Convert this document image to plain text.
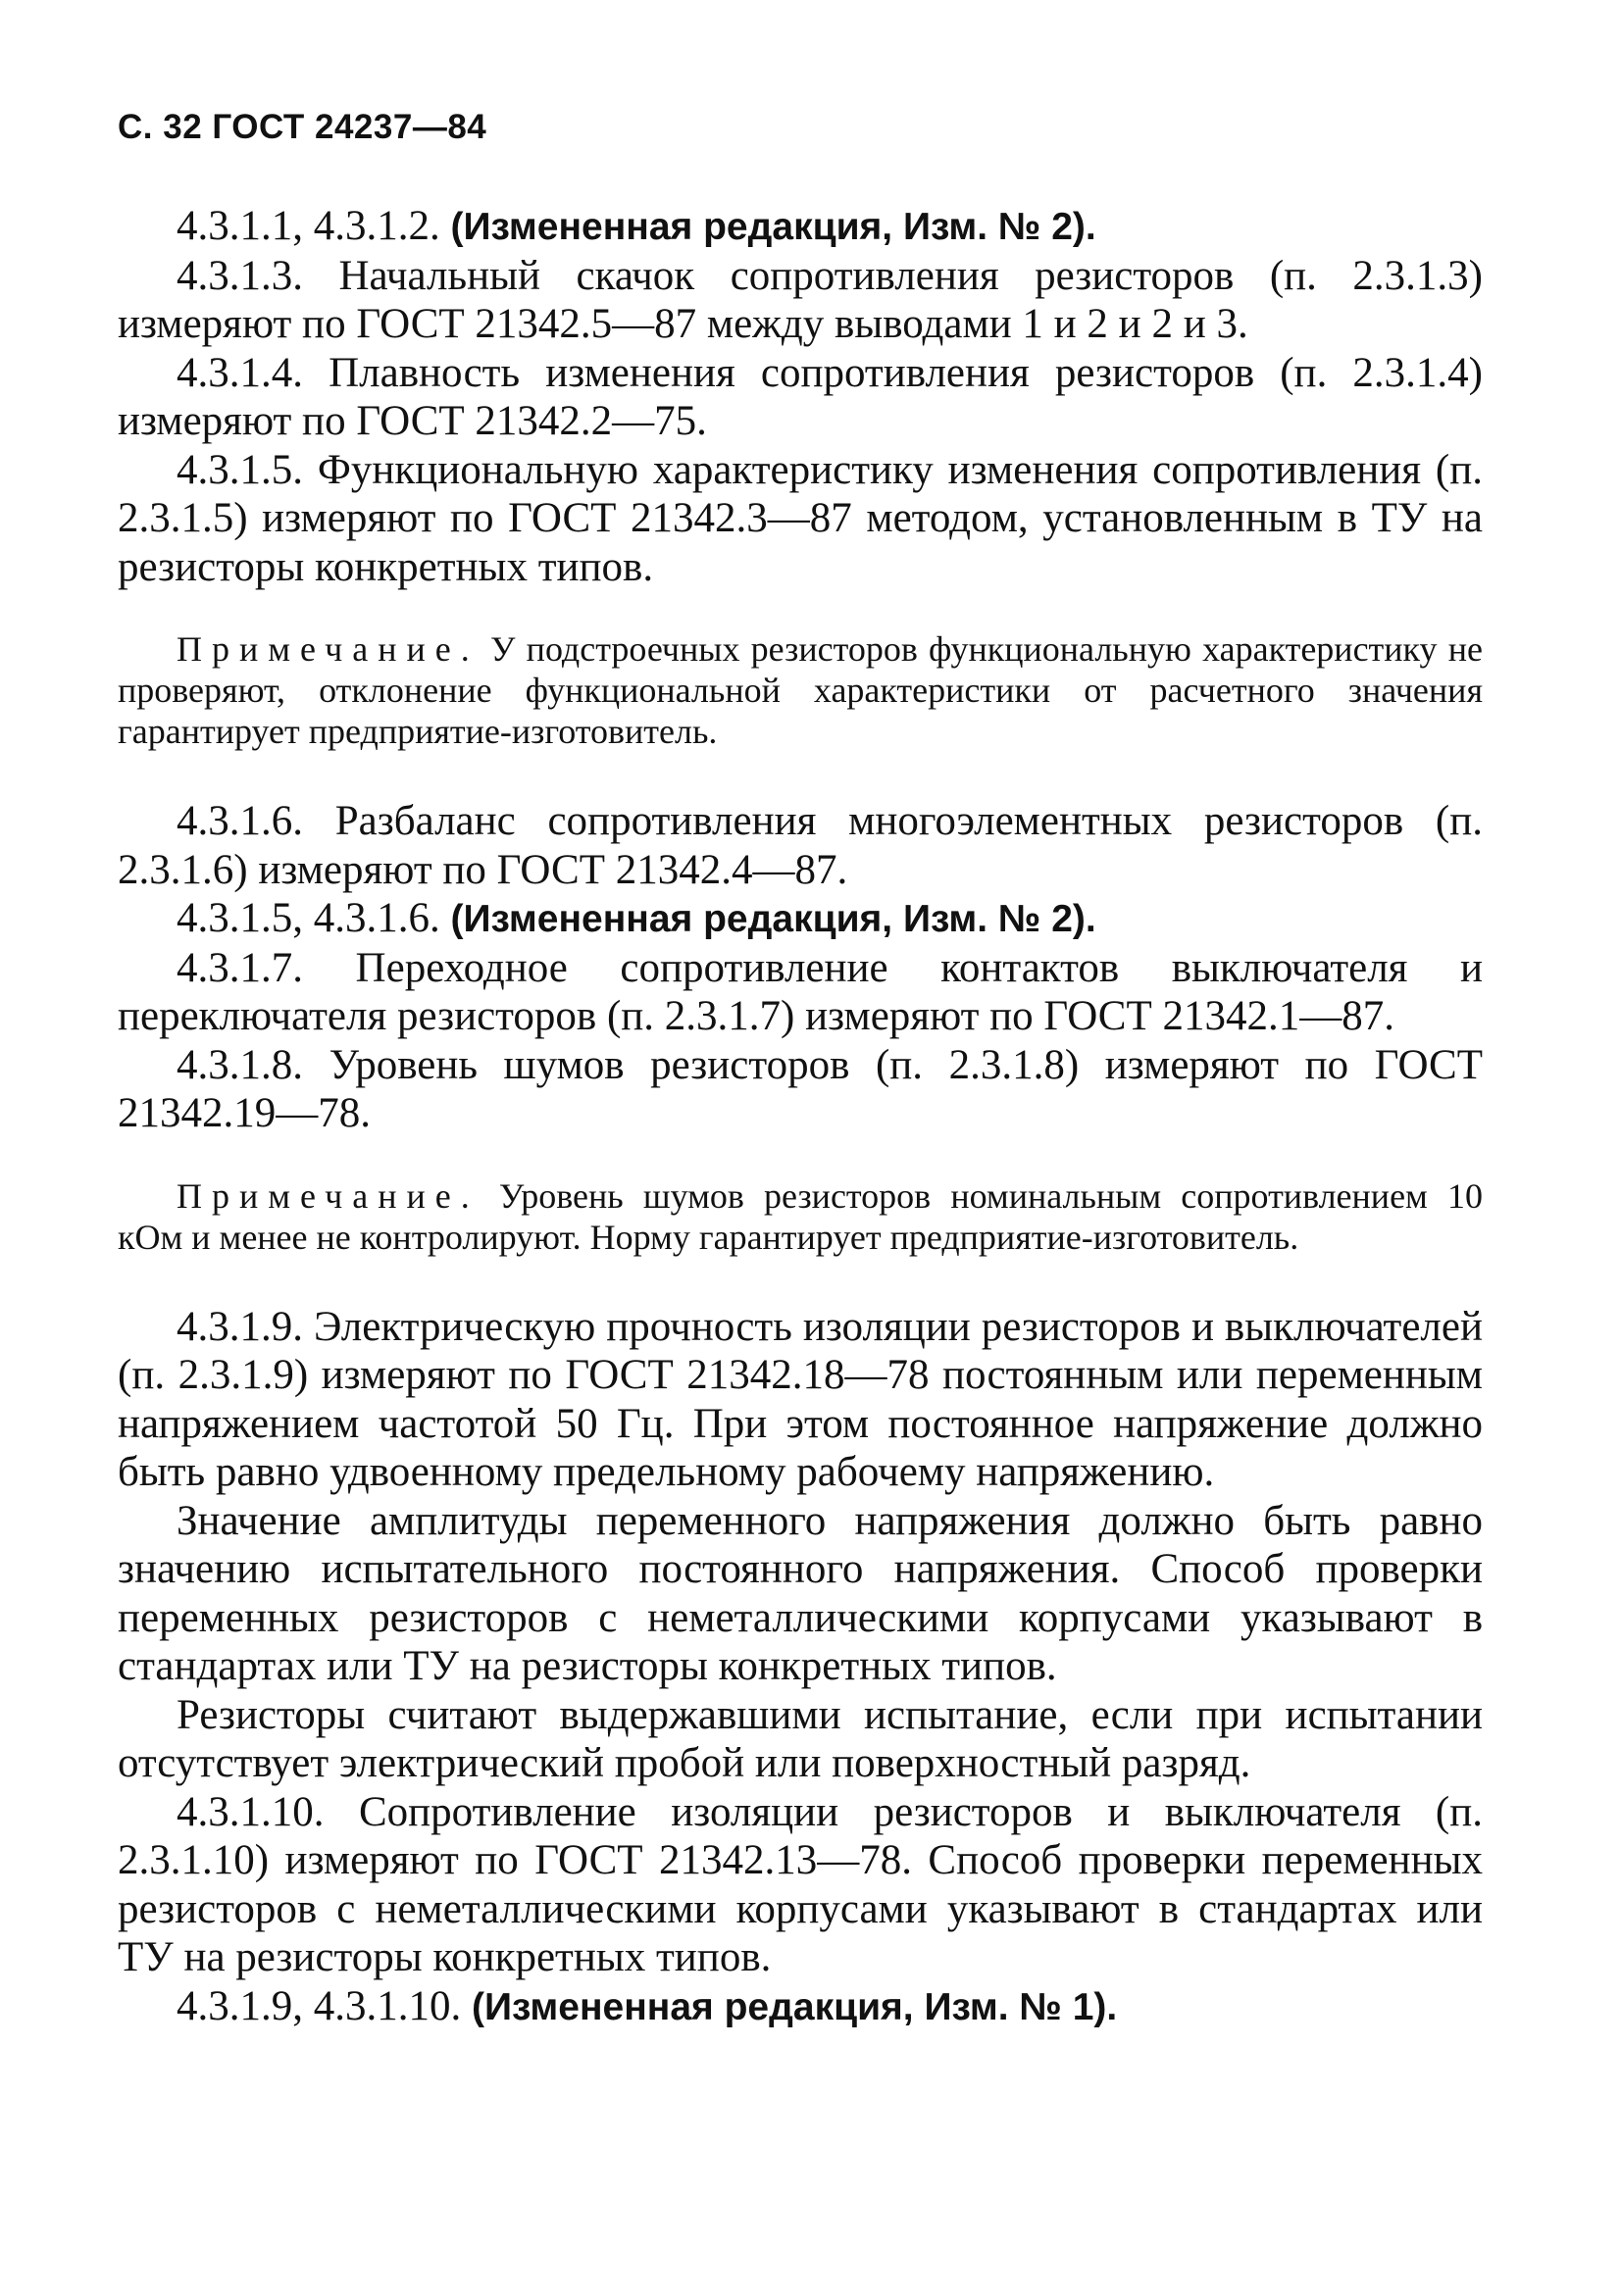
С. 32 ГОСТ 24237—84

4.3.1.1, 4.3.1.2. (Измененная редакция, Изм. № 2).

4.3.1.3. Начальный скачок сопротивления резисторов (п. 2.3.1.3) измеряют по ГОСТ 21342.5—87 между выводами 1 и 2 и 2 и 3.

4.3.1.4. Плавность изменения сопротивления резисторов (п. 2.3.1.4) измеряют по ГОСТ 21342.2—75.

4.3.1.5. Функциональную характеристику изменения сопротивления (п. 2.3.1.5) измеряют по ГОСТ 21342.3—87 методом, установленным в ТУ на резисторы конкретных типов.

Примечание. У подстроечных резисторов функциональную характеристику не проверяют, отклонение функциональной характеристики от расчетного значения гарантирует предприятие-изготовитель.

4.3.1.6. Разбаланс сопротивления многоэлементных резисторов (п. 2.3.1.6) измеряют по ГОСТ 21342.4—87.

4.3.1.5, 4.3.1.6. (Измененная редакция, Изм. № 2).

4.3.1.7. Переходное сопротивление контактов выключателя и переключателя резисторов (п. 2.3.1.7) измеряют по ГОСТ 21342.1—87.

4.3.1.8. Уровень шумов резисторов (п. 2.3.1.8) измеряют по ГОСТ 21342.19—78.

Примечание. Уровень шумов резисторов номинальным сопротивлением 10 кОм и менее не контролируют. Норму гарантирует предприятие-изготовитель.

4.3.1.9. Электрическую прочность изоляции резисторов и выключателей (п. 2.3.1.9) измеряют по ГОСТ 21342.18—78 постоянным или переменным напряжением частотой 50 Гц. При этом постоянное напряжение должно быть равно удвоенному предельному рабочему напряжению.

Значение амплитуды переменного напряжения должно быть равно значению испытательного постоянного напряжения. Способ проверки переменных резисторов с неметаллическими корпусами указывают в стандартах или ТУ на резисторы конкретных типов.

Резисторы считают выдержавшими испытание, если при испытании отсутствует электрический пробой или поверхностный разряд.

4.3.1.10. Сопротивление изоляции резисторов и выключателя (п. 2.3.1.10) измеряют по ГОСТ 21342.13—78. Способ проверки переменных резисторов с неметаллическими корпусами указывают в стандартах или ТУ на резисторы конкретных типов.

4.3.1.9, 4.3.1.10. (Измененная редакция, Изм. № 1).
